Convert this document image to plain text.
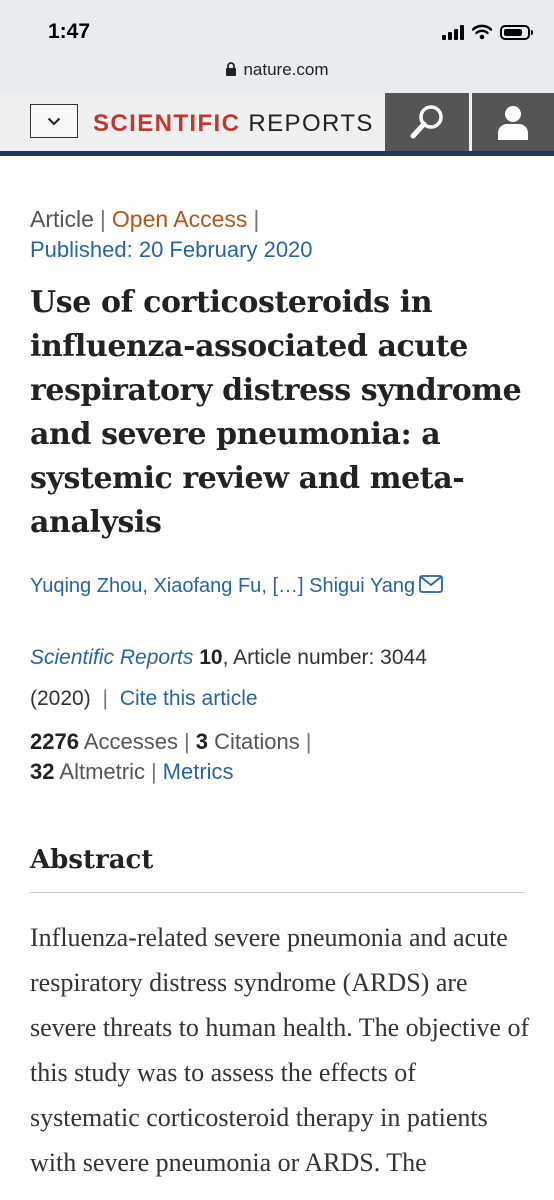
1:47
nature.com
SCIENTIFIC REPORTS
Article | Open Access |
Published: 20 February 2020
Use of corticosteroids in influenza-associated acute respiratory distress syndrome and severe pneumonia: a systemic review and meta-analysis
Yuqing Zhou, Xiaofang Fu, […] Shigui Yang
Scientific Reports 10, Article number: 3044
(2020) | Cite this article
2276 Accesses | 3 Citations |
32 Altmetric | Metrics
Abstract

Influenza-related severe pneumonia and acute respiratory distress syndrome (ARDS) are severe threats to human health. The objective of this study was to assess the effects of systematic corticosteroid therapy in patients with severe pneumonia or ARDS. The
